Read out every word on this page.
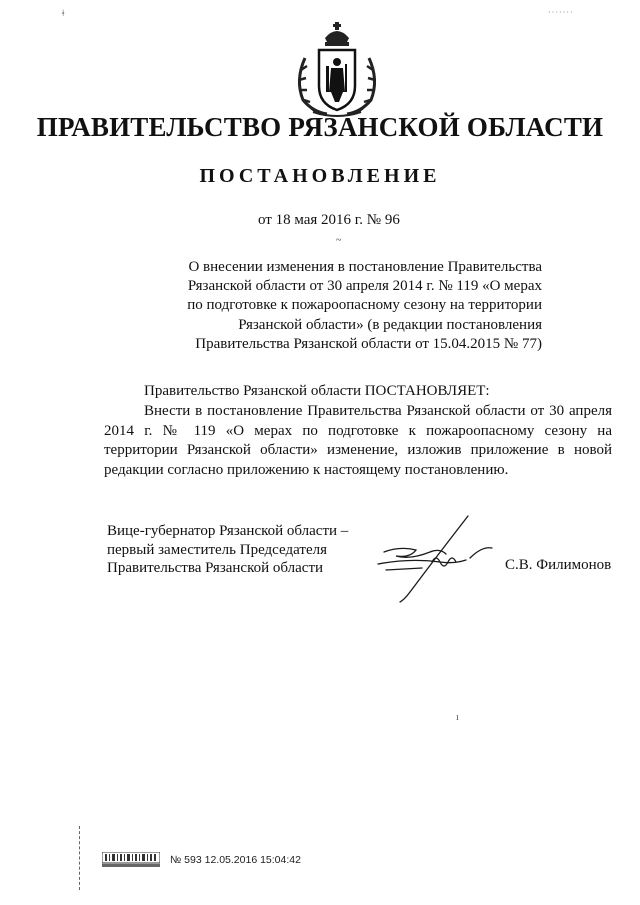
ǂ	·······
ПРАВИТЕЛЬСТВО РЯЗАНСКОЙ ОБЛАСТИ
ПОСТАНОВЛЕНИЕ
от 18 мая 2016 г. № 96
~
О внесении изменения в постановление Правительства
Рязанской области от 30 апреля 2014 г. № 119 «О мерах
по подготовке к пожароопасному сезону на территории
Рязанской области» (в редакции постановления
Правительства Рязанской области от 15.04.2015 № 77)
Правительство Рязанской области ПОСТАНОВЛЯЕТ:
Внести в постановление Правительства Рязанской области от 30 апреля
2014 г. № 119 «О мерах по подготовке к пожароопасному сезону на
территории Рязанской области» изменение, изложив приложение в новой
редакции согласно приложению к настоящему постановлению.
Вице-губернатор Рязанской области –
первый заместитель Председателя
Правительства Рязанской области	С.В. Филимонов
ı
№ 593 12.05.2016 15:04:42
